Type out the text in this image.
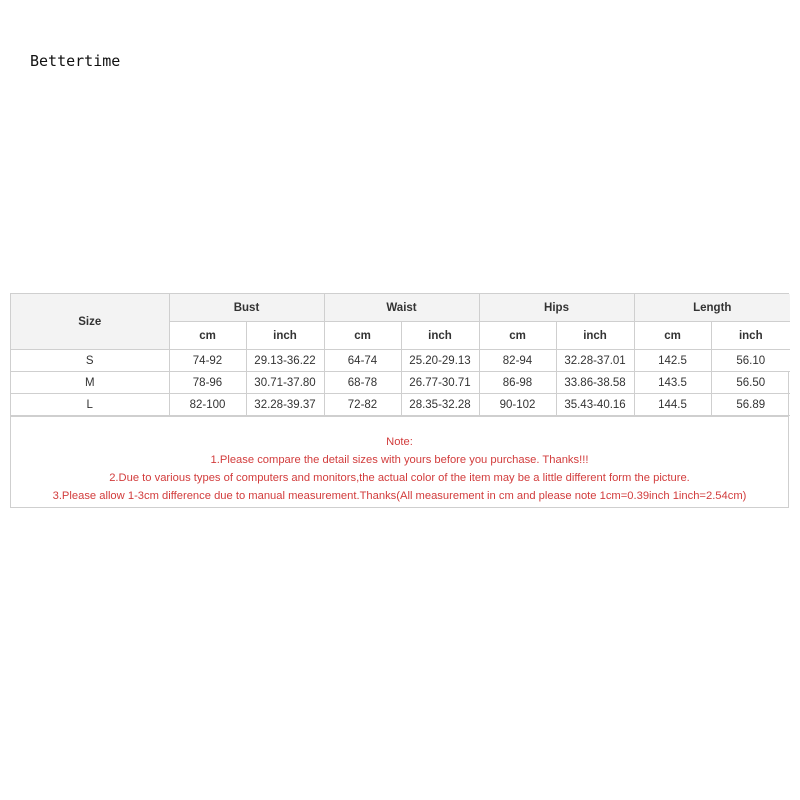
Bettertime
Size	Bust		Waist		Hips		Length	
	cm	inch	cm	inch	cm	inch	cm	inch
S	74-92	29.13-36.22	64-74	25.20-29.13	82-94	32.28-37.01	142.5	56.10
M	78-96	30.71-37.80	68-78	26.77-30.71	86-98	33.86-38.58	143.5	56.50
L	82-100	32.28-39.37	72-82	28.35-32.28	90-102	35.43-40.16	144.5	56.89
Note:
1.Please compare the detail sizes with yours before you purchase. Thanks!!!
2.Due to various types of computers and monitors,the actual color of the item may be a little different form the picture.
3.Please allow 1-3cm difference due to manual measurement.Thanks(All measurement in cm and please note 1cm=0.39inch 1inch=2.54cm)
